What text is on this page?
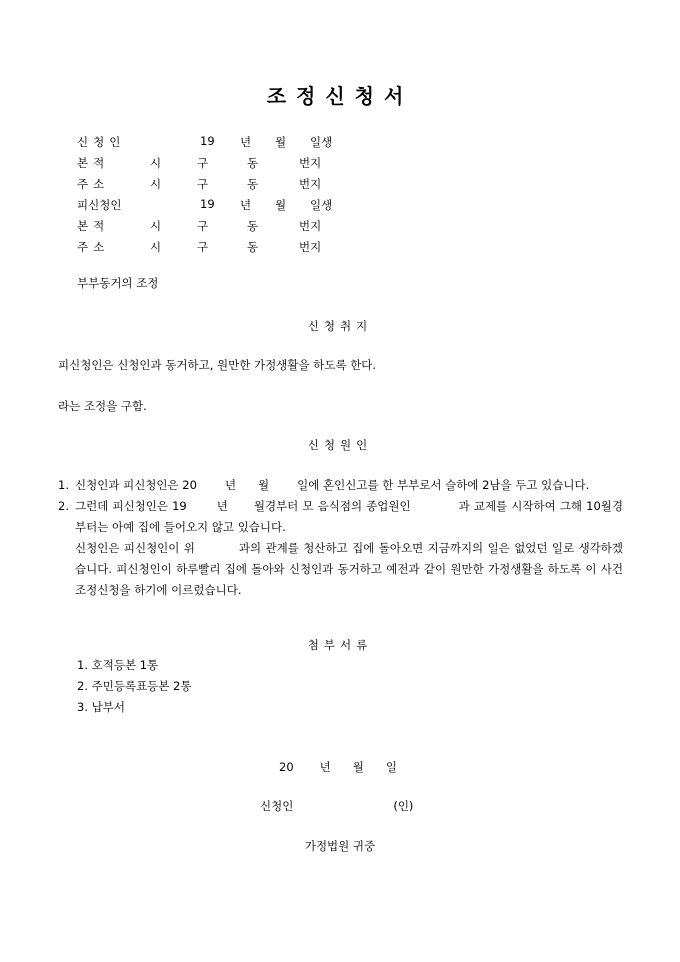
조정신청서
신청인	19 년 월 일생
본적	시	구	동	번지
주소	시	구	동	번지
피신청인	19 년 월 일생
본적	시	구	동	번지
주소	시	구	동	번지
부부동거의 조정
신청취지
피신청인은 신청인과 동거하고, 원만한 가정생활을 하도록 한다.
라는 조정을 구함.
신청원인
1. 신청인과 피신청인은 20 년 월 일에 혼인신고를 한 부부로서 슬하에 2남을 두고 있습니다.
2. 그런데 피신청인은 19	년 월경부터 모 음식점의 종업원인	과 교제를 시작하여 그해 10월경부터는 아예 집에 들어오지 않고 있습니다.
신청인은 피신청인이 위	과의 관계를 청산하고 집에 돌아오면 지금까지의 일은 없었던 일로 생각하겠습니다. 피신청인이 하루빨리 집에 돌아와 신청인과 동거하고 예전과 같이 원만한 가정생활을 하도록 이 사건 조정신청을 하기에 이르렀습니다.
첨부서류
1. 호적등본 1통
2. 주민등록표등본 2통
3. 납부서
20 년 월 일
신청인	(인)
가정법원 귀중
